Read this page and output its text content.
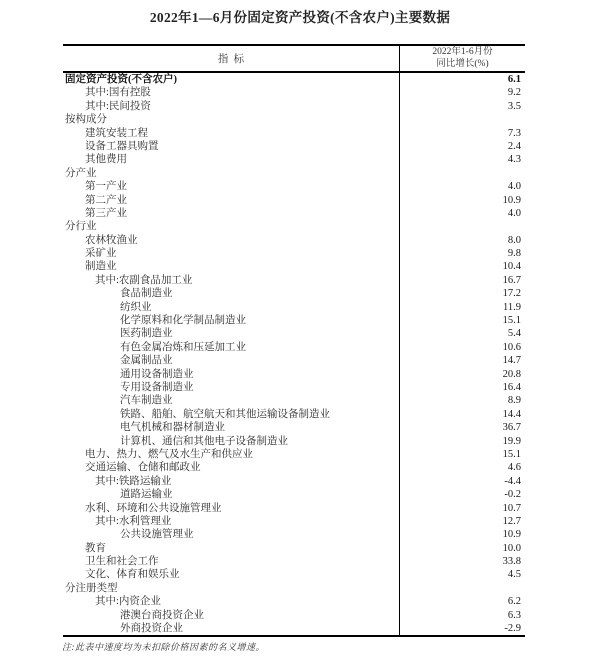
2022年1—6月份固定资产投资(不含农户)主要数据
指  标
2022年1-6月份
同比增长(%)
固定资产投资(不含农户)	6.1
其中:国有控股	9.2
其中:民间投资	3.5
按构成分
建筑安装工程	7.3
设备工器具购置	2.4
其他费用	4.3
分产业
第一产业	4.0
第二产业	10.9
第三产业	4.0
分行业
农林牧渔业	8.0
采矿业	9.8
制造业	10.4
其中:农副食品加工业	16.7
食品制造业	17.2
纺织业	11.9
化学原料和化学制品制造业	15.1
医药制造业	5.4
有色金属冶炼和压延加工业	10.6
金属制品业	14.7
通用设备制造业	20.8
专用设备制造业	16.4
汽车制造业	8.9
铁路、船舶、航空航天和其他运输设备制造业	14.4
电气机械和器材制造业	36.7
计算机、通信和其他电子设备制造业	19.9
电力、热力、燃气及水生产和供应业	15.1
交通运输、仓储和邮政业	4.6
其中:铁路运输业	-4.4
道路运输业	-0.2
水利、环境和公共设施管理业	10.7
其中:水利管理业	12.7
公共设施管理业	10.9
教育	10.0
卫生和社会工作	33.8
文化、体育和娱乐业	4.5
分注册类型
其中:内资企业	6.2
港澳台商投资企业	6.3
外商投资企业	-2.9
注:此表中速度均为未扣除价格因素的名义增速。
